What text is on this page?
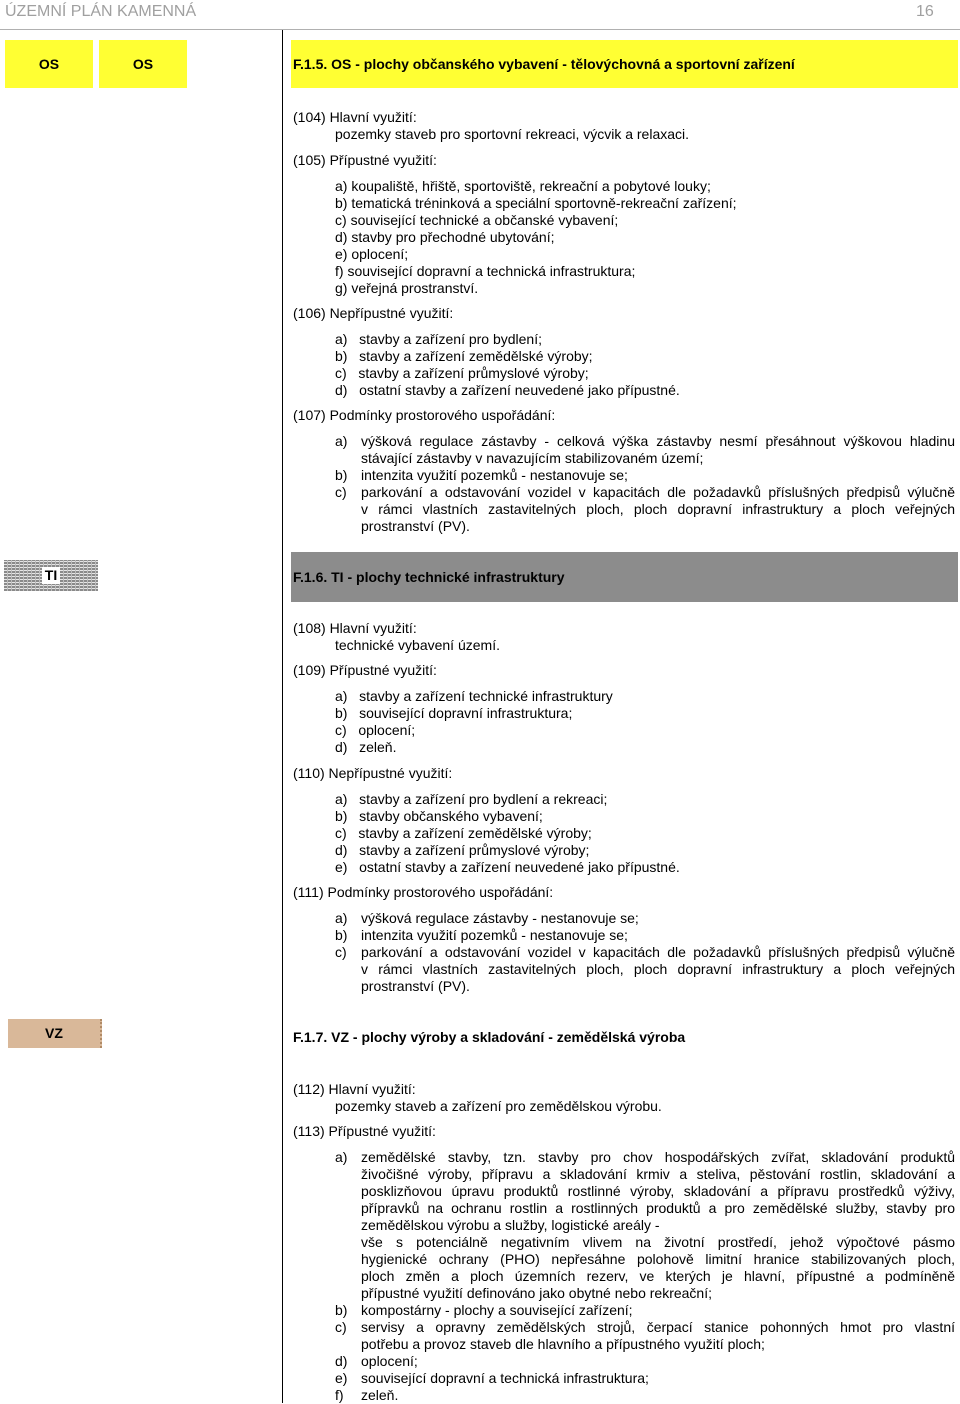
ÚZEMNÍ PLÁN KAMENNÁ	16
OS	OS	F.1.5. OS - plochy občanského vybavení - tělovýchovná a sportovní zařízení
(104) Hlavní využití:
pozemky staveb pro sportovní rekreaci, výcvik a relaxaci.
(105) Přípustné využití:
a) koupaliště, hřiště, sportoviště, rekreační a pobytové louky;
b) tematická tréninková a speciální sportovně-rekreační zařízení;
c) související technické a občanské vybavení;
d) stavby pro přechodné ubytování;
e) oplocení;
f) související dopravní a technická infrastruktura;
g) veřejná prostranství.
(106) Nepřípustné využití:
a) stavby a zařízení pro bydlení;
b) stavby a zařízení zemědělské výroby;
c) stavby a zařízení průmyslové výroby;
d) ostatní stavby a zařízení neuvedené jako přípustné.
(107) Podmínky prostorového uspořádání:
a) výšková regulace zástavby - celková výška zástavby nesmí přesáhnout výškovou hladinu
stávající zástavby v navazujícím stabilizovaném území;
b) intenzita využití pozemků - nestanovuje se;
c) parkování a odstavování vozidel v kapacitách dle požadavků příslušných předpisů výlučně
v rámci vlastních zastavitelných ploch, ploch dopravní infrastruktury a ploch veřejných
prostranství (PV).
TI	F.1.6. TI - plochy technické infrastruktury
(108) Hlavní využití:
technické vybavení území.
(109) Přípustné využití:
a) stavby a zařízení technické infrastruktury
b) související dopravní infrastruktura;
c) oplocení;
d) zeleň.
(110) Nepřípustné využití:
a) stavby a zařízení pro bydlení a rekreaci;
b) stavby občanského vybavení;
c) stavby a zařízení zemědělské výroby;
d) stavby a zařízení průmyslové výroby;
e) ostatní stavby a zařízení neuvedené jako přípustné.
(111) Podmínky prostorového uspořádání:
a) výšková regulace zástavby - nestanovuje se;
b) intenzita využití pozemků - nestanovuje se;
c) parkování a odstavování vozidel v kapacitách dle požadavků příslušných předpisů výlučně
v rámci vlastních zastavitelných ploch, ploch dopravní infrastruktury a ploch veřejných
prostranství (PV).
VZ	F.1.7. VZ - plochy výroby a skladování - zemědělská výroba
(112) Hlavní využití:
pozemky staveb a zařízení pro zemědělskou výrobu.
(113) Přípustné využití:
a) zemědělské stavby, tzn. stavby pro chov hospodářských zvířat, skladování produktů
živočišné výroby, přípravu a skladování krmiv a steliva, pěstování rostlin, skladování a
posklizňovou úpravu produktů rostlinné výroby, skladování a přípravu prostředků výživy,
přípravků na ochranu rostlin a rostlinných produktů a pro zemědělské služby, stavby pro
zemědělskou výrobu a služby, logistické areály -
vše s potenciálně negativním vlivem na životní prostředí, jehož výpočtové pásmo
hygienické ochrany (PHO) nepřesáhne polohově limitní hranice stabilizovaných ploch,
ploch změn a ploch územních rezerv, ve kterých je hlavní, přípustné a podmíněně
přípustné využití definováno jako obytné nebo rekreační;
b) kompostárny - plochy a související zařízení;
c) servisy a opravny zemědělských strojů, čerpací stanice pohonných hmot pro vlastní
potřebu a provoz staveb dle hlavního a přípustného využití ploch;
d) oplocení;
e) související dopravní a technická infrastruktura;
f) zeleň.
